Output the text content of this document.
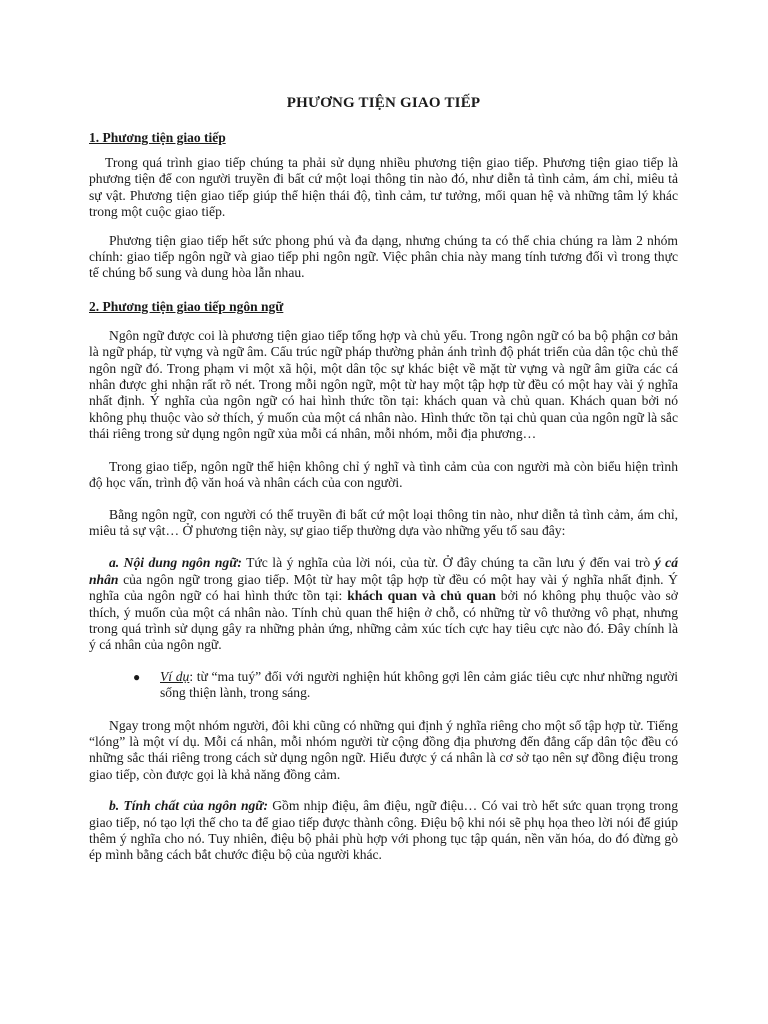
PHƯƠNG TIỆN GIAO TIẾP
1. Phương tiện giao tiếp

Trong quá trình giao tiếp chúng ta phải sử dụng nhiều phương tiện giao tiếp. Phương tiện giao tiếp là phương tiện để con người truyền đi bất cứ một loại thông tin nào đó, như diễn tả tình cảm, ám chỉ, miêu tả sự vật. Phương tiện giao tiếp giúp thể hiện thái độ, tình cảm, tư tưởng, mối quan hệ và những tâm lý khác trong một cuộc giao tiếp.

Phương tiện giao tiếp hết sức phong phú và đa dạng, nhưng chúng ta có thể chia chúng ra làm 2 nhóm chính: giao tiếp ngôn ngữ và giao tiếp phi ngôn ngữ. Việc phân chia này mang tính tương đối vì trong thực tế chúng bổ sung và dung hòa lẫn nhau.

2. Phương tiện giao tiếp ngôn ngữ

Ngôn ngữ được coi là phương tiện giao tiếp tổng hợp và chủ yếu. Trong ngôn ngữ có ba bộ phận cơ bản là ngữ pháp, từ vựng và ngữ âm. Cấu trúc ngữ pháp thường phản ánh trình độ phát triển của dân tộc chủ thể ngôn ngữ đó. Trong phạm vi một xã hội, một dân tộc sự khác biệt về mặt từ vựng và ngữ âm giữa các cá nhân được ghi nhận rất rõ nét. Trong mỗi ngôn ngữ, một từ hay một tập hợp từ đều có một hay vài ý nghĩa nhất định. Ý nghĩa của ngôn ngữ có hai hình thức tồn tại: khách quan và chủ quan. Khách quan bởi nó không phụ thuộc vào sở thích, ý muốn của một cá nhân nào. Hình thức tồn tại chủ quan của ngôn ngữ là sắc thái riêng trong sử dụng ngôn ngữ xủa mỗi cá nhân, mỗi nhóm, mỗi địa phương…

Trong giao tiếp, ngôn ngữ thể hiện không chỉ ý nghĩ và tình cảm của con người mà còn biểu hiện trình độ học vấn, trình độ văn hoá và nhân cách của con người.

Bằng ngôn ngữ, con người có thể truyền đi bất cứ một loại thông tin nào, như diễn tả tình cảm, ám chỉ, miêu tả sự vật… Ở phương tiện này, sự giao tiếp thường dựa vào những yếu tố sau đây:

a. Nội dung ngôn ngữ: Tức là ý nghĩa của lời nói, của từ. Ở đây chúng ta cần lưu ý đến vai trò ý cá nhân của ngôn ngữ trong giao tiếp. Một từ hay một tập hợp từ đều có một hay vài ý nghĩa nhất định. Ý nghĩa của ngôn ngữ có hai hình thức tồn tại: khách quan và chủ quan bởi nó không phụ thuộc vào sở thích, ý muốn của một cá nhân nào. Tính chủ quan thể hiện ở chỗ, có những từ vô thưởng vô phạt, nhưng trong quá trình sử dụng gây ra những phản ứng, những cảm xúc tích cực hay tiêu cực nào đó. Đây chính là ý cá nhân của ngôn ngữ.

●	Ví dụ: từ “ma tuý” đối với người nghiện hút không gợi lên cảm giác tiêu cực như những người sống thiện lành, trong sáng.

Ngay trong một nhóm người, đôi khi cũng có những qui định ý nghĩa riêng cho một số tập hợp từ. Tiếng “lóng” là một ví dụ. Mỗi cá nhân, mỗi nhóm người từ cộng đồng địa phương đến đẳng cấp dân tộc đều có những sắc thái riêng trong cách sử dụng ngôn ngữ. Hiểu được ý cá nhân là cơ sở tạo nên sự đồng điệu trong giao tiếp, còn được gọi là khả năng đồng cảm.

b. Tính chất của ngôn ngữ: Gồm nhịp điệu, âm điệu, ngữ điệu… Có vai trò hết sức quan trọng trong giao tiếp, nó tạo lợi thế cho ta để giao tiếp được thành công. Điệu bộ khi nói sẽ phụ họa theo lời nói để giúp thêm ý nghĩa cho nó. Tuy nhiên, điệu bộ phải phù hợp với phong tục tập quán, nền văn hóa, do đó đừng gò ép mình bằng cách bắt chước điệu bộ của người khác.
